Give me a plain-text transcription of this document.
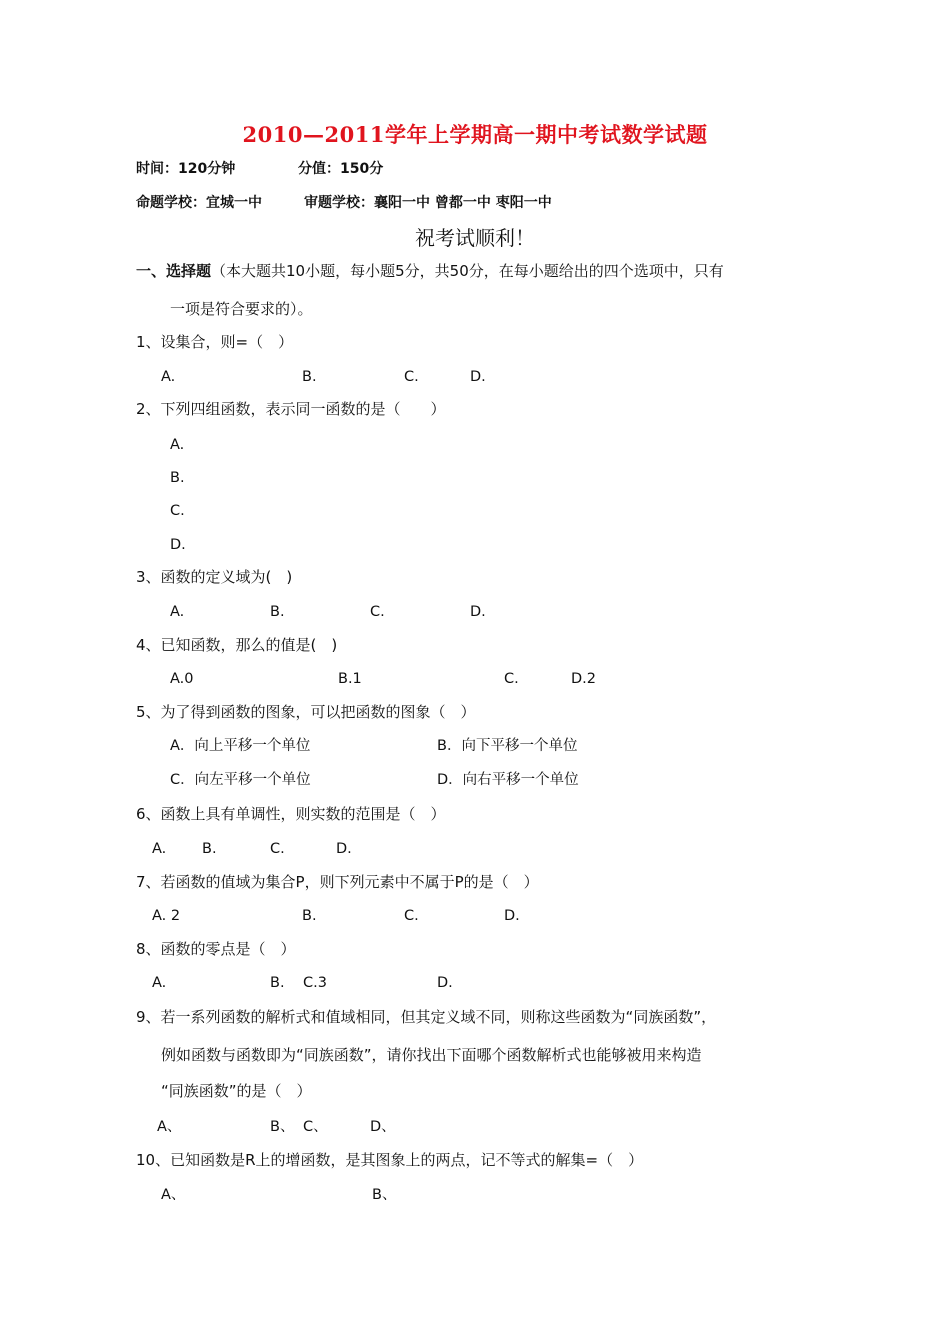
2010—2011学年上学期高一期中考试数学试题
时间：120分钟	分值：150分
命题学校：宜城一中	审题学校：襄阳一中 曾都一中 枣阳一中
祝考试顺利！
一、选择题（本大题共10小题，每小题5分，共50分，在每小题给出的四个选项中，只有
一项是符合要求的）。
1、设集合，则=（　）
A.	B.	C.	D.
2、下列四组函数，表示同一函数的是（　　）
A.
B.
C.
D.
3、函数的定义域为(　)
A.	B.	C.	D.
4、已知函数，那么的值是(　)
A.0	B.1	C.	D.2
5、为了得到函数的图象，可以把函数的图象（　）
A．向上平移一个单位	B．向下平移一个单位
C．向左平移一个单位	D．向右平移一个单位
6、函数上具有单调性，则实数的范围是（　）
A. B.	C.	D.
7、若函数的值域为集合P，则下列元素中不属于P的是（　）
A. 2	B.	C.	D.
8、函数的零点是（　）
A.	B. C.3	D.
9、若一系列函数的解析式和值域相同，但其定义域不同，则称这些函数为“同族函数”，
例如函数与函数即为“同族函数”，请你找出下面哪个函数解析式也能够被用来构造
“同族函数”的是（　）
A、	B、 C、	D、
10、已知函数是R上的增函数，是其图象上的两点，记不等式的解集=（　）
A、	B、
